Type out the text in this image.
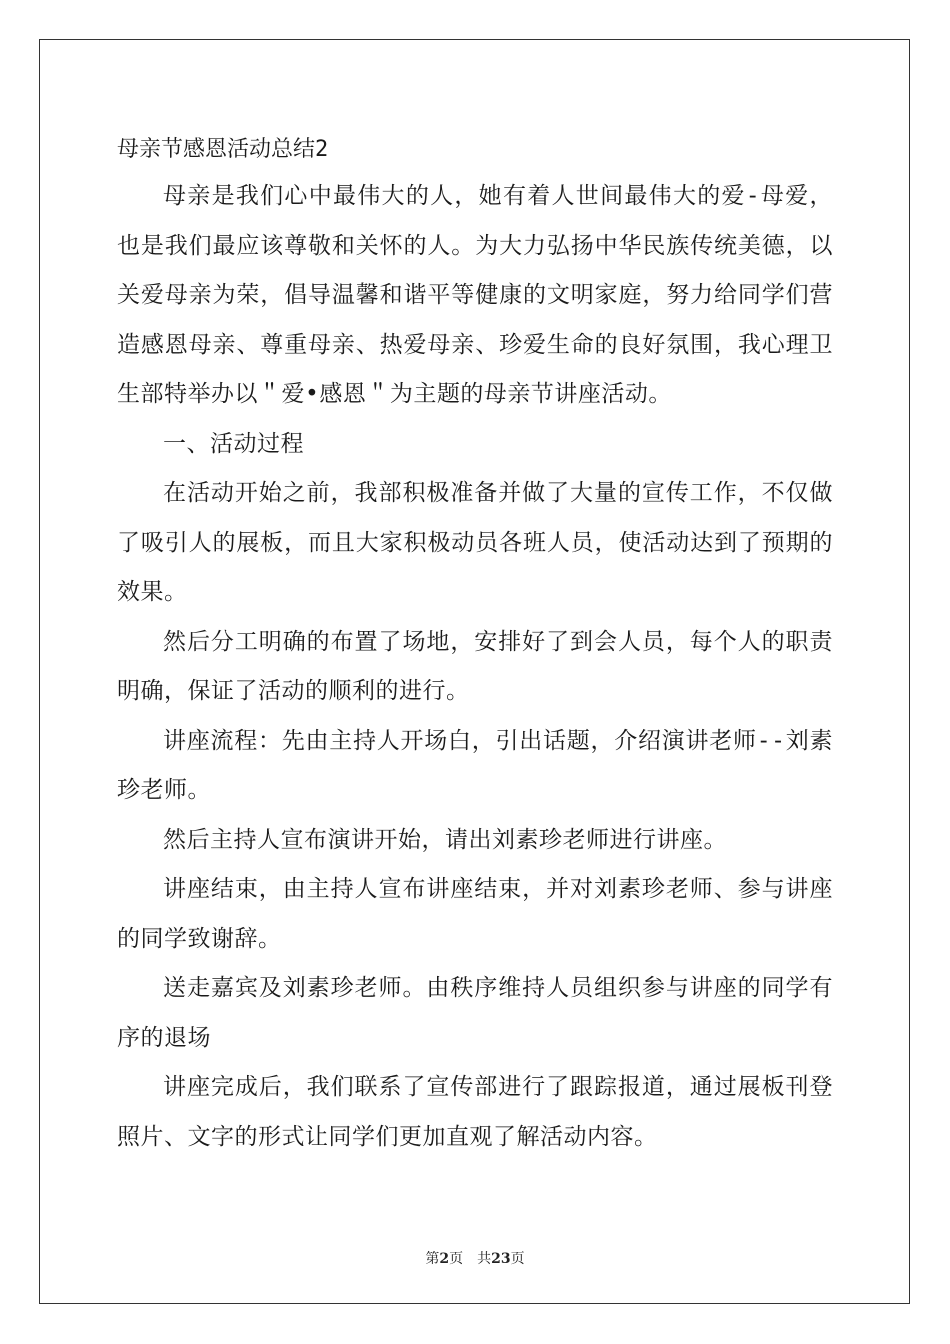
母亲节感恩活动总结2

母亲是我们心中最伟大的人，她有着人世间最伟大的爱-母爱，也是我们最应该尊敬和关怀的人。为大力弘扬中华民族传统美德，以关爱母亲为荣，倡导温馨和谐平等健康的文明家庭，努力给同学们营造感恩母亲、尊重母亲、热爱母亲、珍爱生命的良好氛围，我心理卫生部特举办以＂爱•感恩＂为主题的母亲节讲座活动。

一、活动过程

在活动开始之前，我部积极准备并做了大量的宣传工作，不仅做了吸引人的展板，而且大家积极动员各班人员，使活动达到了预期的效果。

然后分工明确的布置了场地，安排好了到会人员，每个人的职责明确，保证了活动的顺利的进行。

讲座流程：先由主持人开场白，引出话题，介绍演讲老师--刘素珍老师。

然后主持人宣布演讲开始，请出刘素珍老师进行讲座。

讲座结束，由主持人宣布讲座结束，并对刘素珍老师、参与讲座的同学致谢辞。

送走嘉宾及刘素珍老师。由秩序维持人员组织参与讲座的同学有序的退场

讲座完成后，我们联系了宣传部进行了跟踪报道，通过展板刊登照片、文字的形式让同学们更加直观了解活动内容。

第2页 共23页
